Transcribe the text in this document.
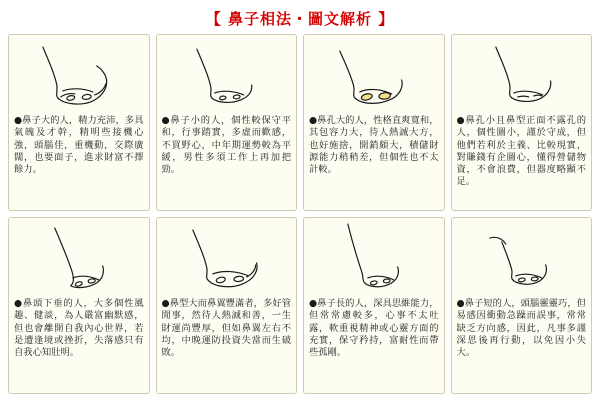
【 鼻子相法・圖文解析 】
●鼻子大的人，精力充沛，多具氣魄及才幹，精明些接機心強，頭腦佳，重機動，交際廣闊，也要面子，進求財富不擇餘力。
●鼻子小的人，個性較保守平和，行事踏實，多虛而歡感，不買野心，中年期運勢較為平緩，男性多須工作上再加把勁。
●鼻孔大的人，性格直爽寬和，其包容力大，待人熱誠大方，也好施捨，開銷頗大，積儲財源能力稍稍差，但個性也不太計較。
●鼻孔小且鼻型正面不露孔的人，個性圖小，謹於守成，但他們若利於主義、比較現實，對賺錢有企圖心，懂得營儲物資，不會浪費，但器度略顯不足。
●鼻頭下垂的人，大多個性風趣、健談，為人嚴富幽默感，但也會離開自我內心世界，若是遭逢境或挫折，失落感只有自我心知肚明。
●鼻型大而鼻翼豐滿者，多好管閒事，然待人熱誠和善，一生財運尚豐厚，但如鼻翼左右不均，中晚運防投資失當而生破敗。
●鼻子長的人，深具思維能力，但常常慮較多，心事不太吐露，軟重視精神或心靈方面的充實，保守矜持，富耐性而帶些孤剛。
●鼻子短的人，頭腦靈靈巧，但易感因衝動急躁而誤事，常常缺乏方向感，因此，凡事多謹深思後再行動，以免因小失大。
